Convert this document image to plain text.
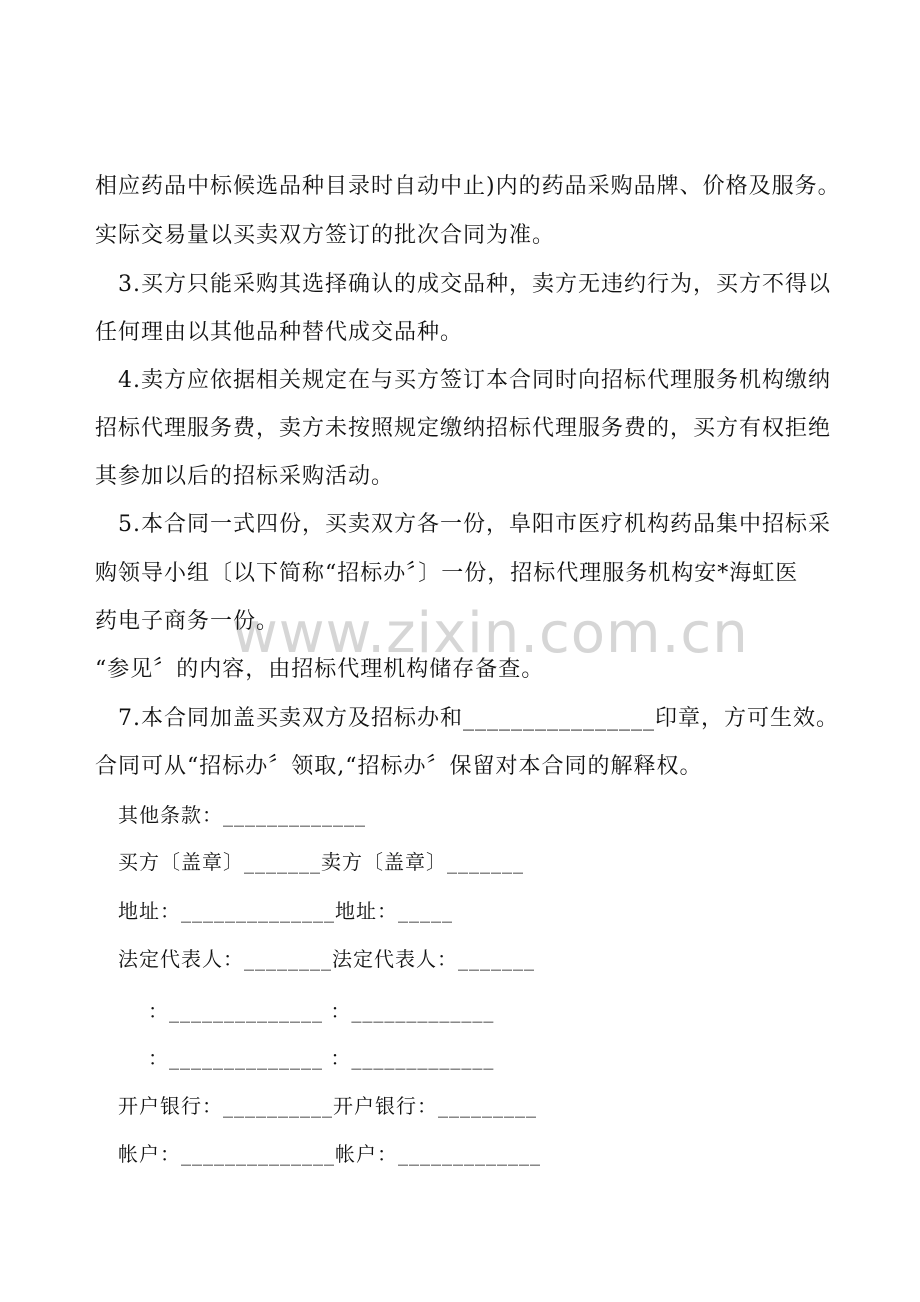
www.zixin.com.cn
相应药品中标候选品种目录时自动中止)内的药品采购品牌、价格及服务。
实际交易量以买卖双方签订的批次合同为准。
3.买方只能采购其选择确认的成交品种，卖方无违约行为，买方不得以
任何理由以其他品种替代成交品种。
4.卖方应依据相关规定在与买方签订本合同时向招标代理服务机构缴纳
招标代理服务费，卖方未按照规定缴纳招标代理服务费的，买方有权拒绝
其参加以后的招标采购活动。
5.本合同一式四份，买卖双方各一份，阜阳市医疗机构药品集中招标采
购领导小组〔以下简称“招标办〞〕一份，招标代理服务机构安*海虹医
药电子商务一份。
“参见〞的内容，由招标代理机构储存备查。
7.本合同加盖买卖双方及招标办和________________印章，方可生效。
合同可从“招标办〞领取,“招标办〞保留对本合同的解释权。
其他条款：_____________
买方〔盖章〕_______卖方〔盖章〕_______
地址：______________地址：_____
法定代表人：________法定代表人：_______
：______________ ：_____________
：______________ ：_____________
开户银行：__________开户银行：_________
帐户：______________帐户：_____________
